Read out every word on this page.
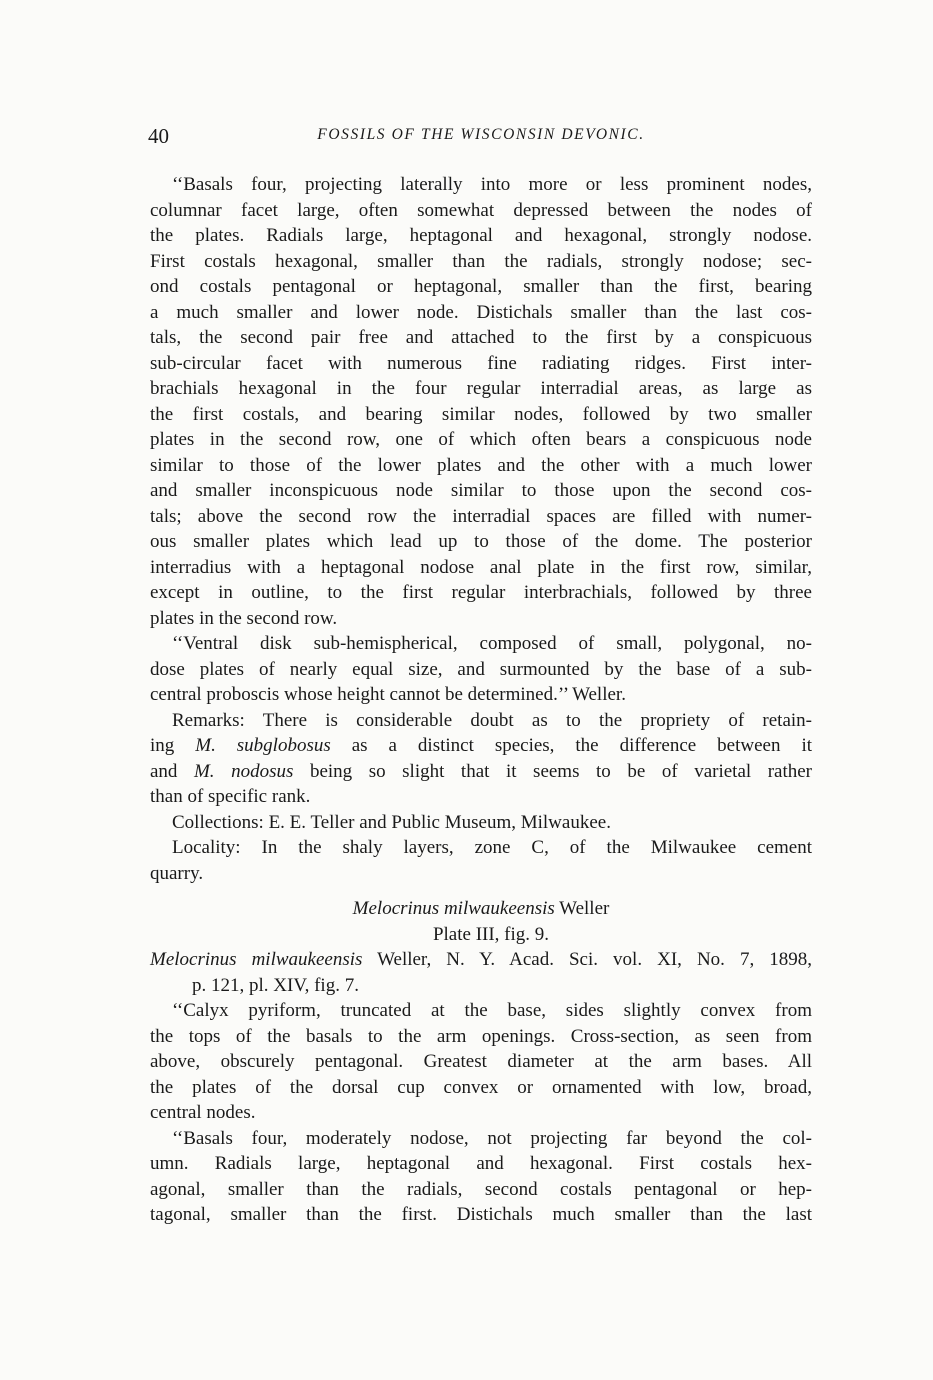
40	FOSSILS OF THE WISCONSIN DEVONIC.
‘‘Basals four, projecting laterally into more or less prominent nodes,
columnar facet large, often somewhat depressed between the nodes of
the plates. Radials large, heptagonal and hexagonal, strongly nodose.
First costals hexagonal, smaller than the radials, strongly nodose; sec-
ond costals pentagonal or heptagonal, smaller than the first, bearing
a much smaller and lower node. Distichals smaller than the last cos-
tals, the second pair free and attached to the first by a conspicuous
sub-circular facet with numerous fine radiating ridges. First inter-
brachials hexagonal in the four regular interradial areas, as large as
the first costals, and bearing similar nodes, followed by two smaller
plates in the second row, one of which often bears a conspicuous node
similar to those of the lower plates and the other with a much lower
and smaller inconspicuous node similar to those upon the second cos-
tals; above the second row the interradial spaces are filled with numer-
ous smaller plates which lead up to those of the dome. The posterior
interradius with a heptagonal nodose anal plate in the first row, similar,
except in outline, to the first regular interbrachials, followed by three
plates in the second row.
‘‘Ventral disk sub-hemispherical, composed of small, polygonal, no-
dose plates of nearly equal size, and surmounted by the base of a sub-
central proboscis whose height cannot be determined.’’ Weller.
Remarks: There is considerable doubt as to the propriety of retain-
ing M. subglobosus as a distinct species, the difference between it
and M. nodosus being so slight that it seems to be of varietal rather
than of specific rank.
Collections: E. E. Teller and Public Museum, Milwaukee.
Locality: In the shaly layers, zone C, of the Milwaukee cement
quarry.
Melocrinus milwaukeensis Weller
Plate III, fig. 9.
Melocrinus milwaukeensis Weller, N. Y. Acad. Sci. vol. XI, No. 7, 1898,
p. 121, pl. XIV, fig. 7.
‘‘Calyx pyriform, truncated at the base, sides slightly convex from
the tops of the basals to the arm openings. Cross-section, as seen from
above, obscurely pentagonal. Greatest diameter at the arm bases. All
the plates of the dorsal cup convex or ornamented with low, broad,
central nodes.
‘‘Basals four, moderately nodose, not projecting far beyond the col-
umn. Radials large, heptagonal and hexagonal. First costals hex-
agonal, smaller than the radials, second costals pentagonal or hep-
tagonal, smaller than the first. Distichals much smaller than the last
